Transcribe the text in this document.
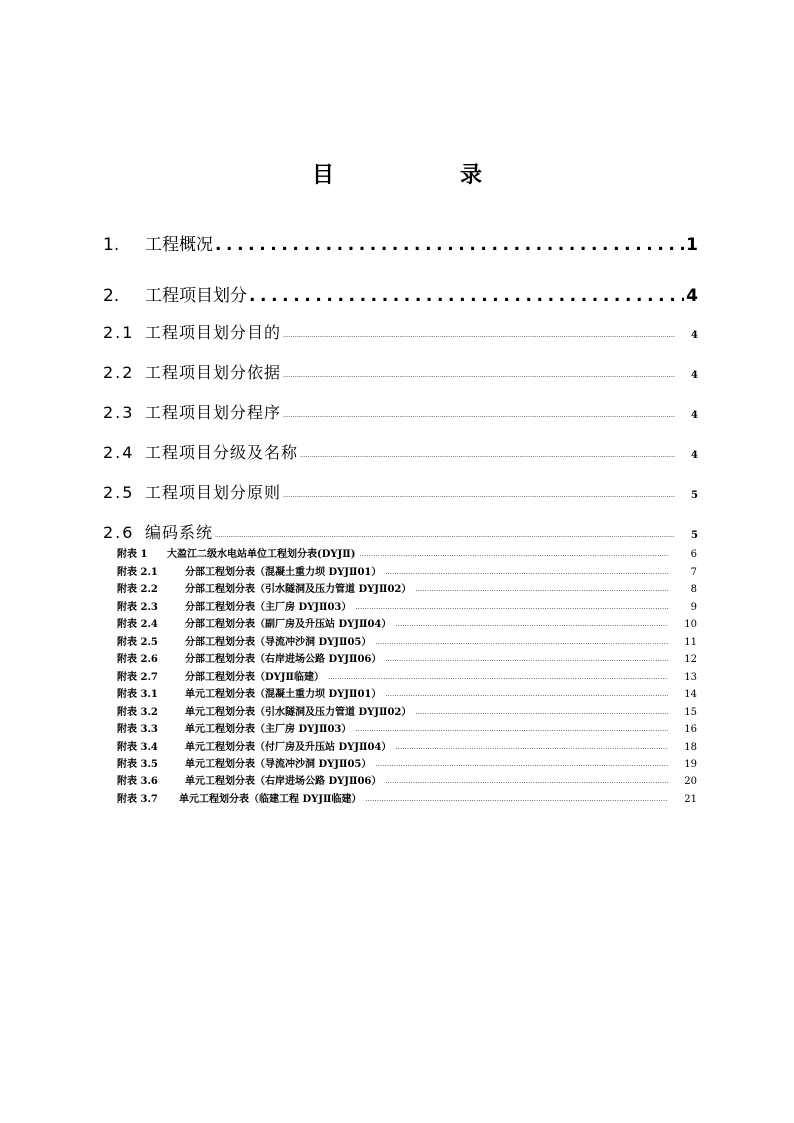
目　录
1.	工程概况 .....	1
2.	工程项目划分 .....	4
2.1 工程项目划分目的 .....	4
2.2 工程项目划分依据 .....	4
2.3 工程项目划分程序 .....	4
2.4 工程项目分级及名称 .....	4
2.5 工程项目划分原则 .....	5
2.6 编码系统 .....	5
附表 1	大盈江二级水电站单位工程划分表(DYJⅡ) .....	6
附表 2.1	分部工程划分表（混凝土重力坝 DYJⅡ01） .....	7
附表 2.2	分部工程划分表（引水隧洞及压力管道 DYJⅡ02） .....	8
附表 2.3	分部工程划分表（主厂房 DYJⅡ03） .....	9
附表 2.4	分部工程划分表（副厂房及升压站 DYJⅡ04） .....	10
附表 2.5	分部工程划分表（导流冲沙洞 DYJⅡ05） .....	11
附表 2.6	分部工程划分表（右岸进场公路 DYJⅡ06） .....	12
附表 2.7	分部工程划分表（DYJⅡ临建） .....	13
附表 3.1	单元工程划分表（混凝土重力坝 DYJⅡ01） .....	14
附表 3.2	单元工程划分表（引水隧洞及压力管道 DYJⅡ02） .....	15
附表 3.3	单元工程划分表（主厂房 DYJⅡ03） .....	16
附表 3.4	单元工程划分表（付厂房及升压站 DYJⅡ04） .....	18
附表 3.5	单元工程划分表（导流冲沙洞 DYJⅡ05） .....	19
附表 3.6	单元工程划分表（右岸进场公路 DYJⅡ06） .....	20
附表 3.7	单元工程划分表（临建工程 DYJⅡ临建） .....	21
